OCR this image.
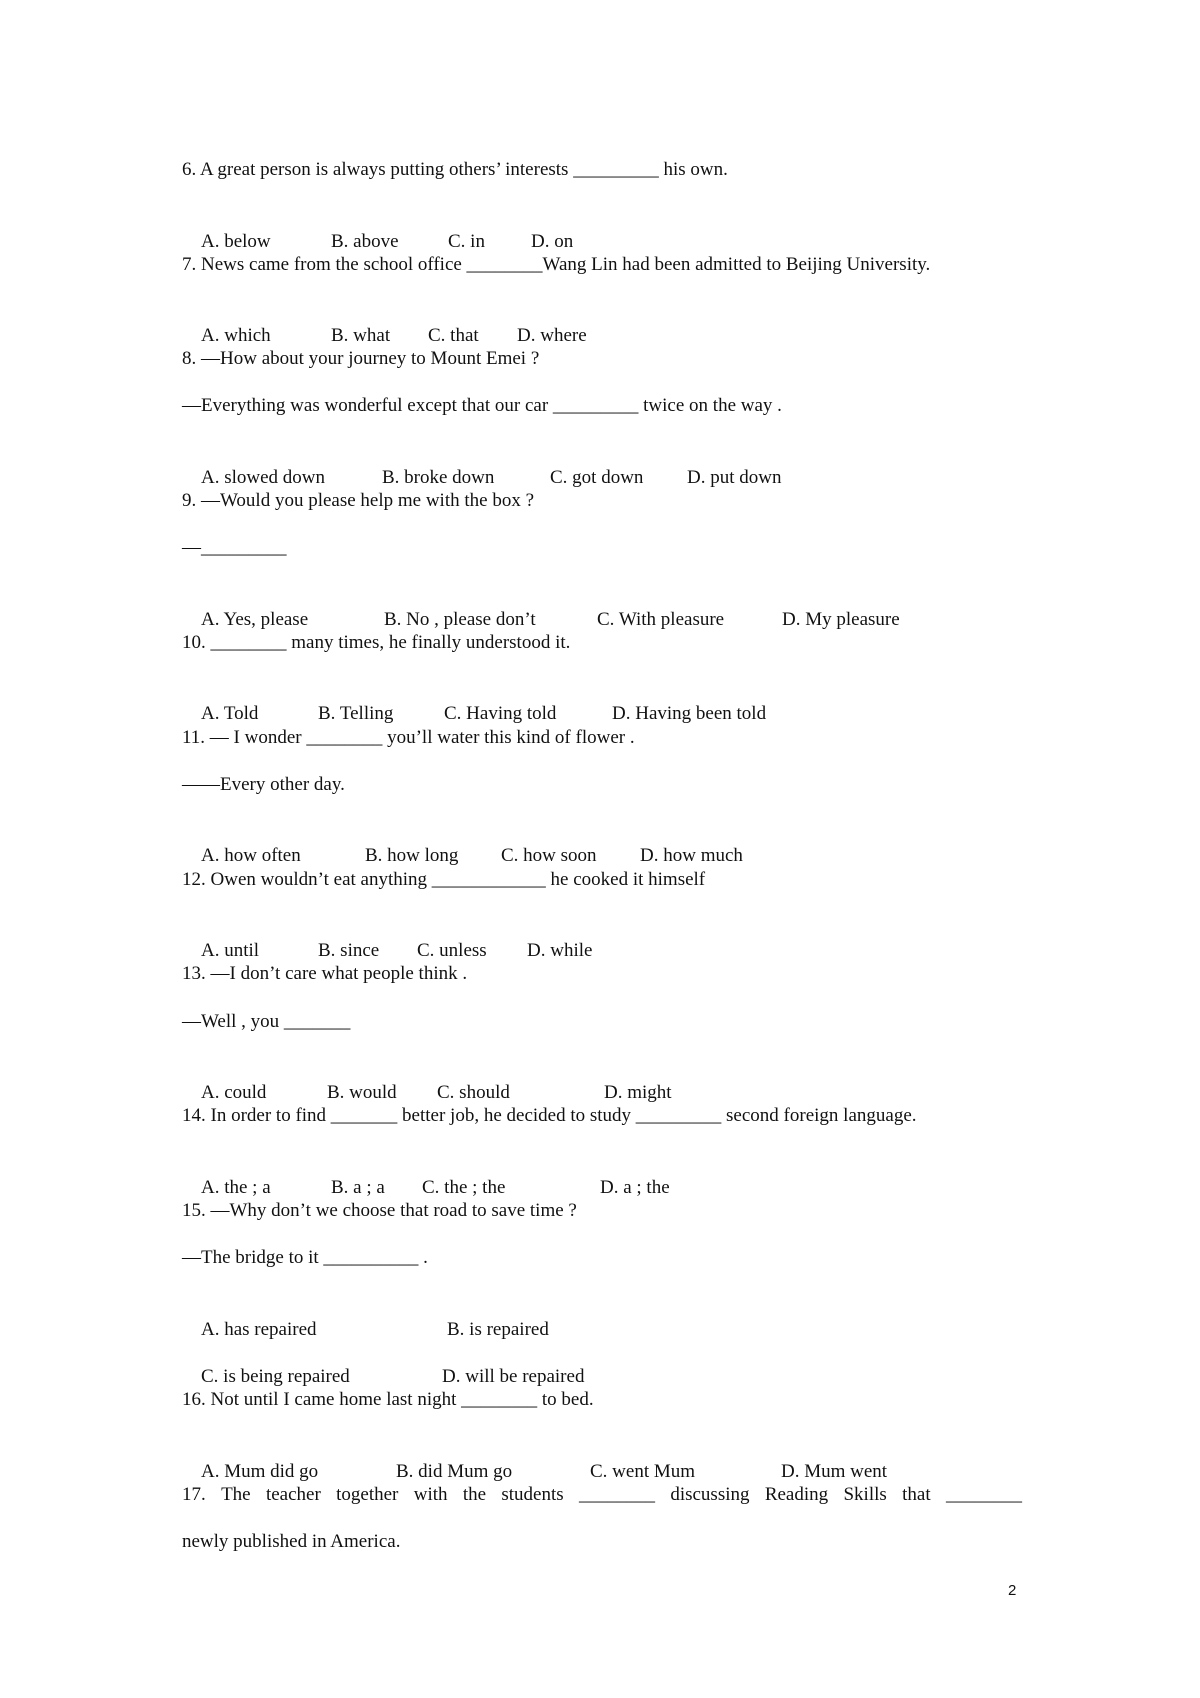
6. A great person is always putting others’ interests _________ his own.

A. below	B. above	C. in D. on

7. News came from the school office ________Wang Lin had been admitted to Beijing University.

A. which	B. what C. that D. where

8. —How about your journey to Mount Emei ?
—Everything was wonderful except that our car _________ twice on the way .

A. slowed down	B. broke down	C. got down D. put down

9. —Would you please help me with the box ?
—_________

A. Yes, please	B. No , please don’t	C. With pleasure	D. My pleasure

10. ________ many times, he finally understood it.

A. Told	B. Telling	C. Having told	D. Having been told

11. — I wonder ________ you’ll water this kind of flower .
——Every other day.

A. how often	B. how long C. how soon D. how much

12. Owen wouldn’t eat anything ____________ he cooked it himself

A. until	B. since C. unless D. while

13. —I don’t care what people think .
—Well , you _______

A. could	B. would C. should	D. might

14. In order to find _______ better job, he decided to study _________ second foreign language.

A. the ; a	B. a ; a C. the ; the	D. a ; the

15. —Why don’t we choose that road to save time ?
—The bridge to it __________ .

A. has repaired	B. is repaired

C. is being repaired	D. will be repaired

16. Not until I came home last night ________ to bed.

A. Mum did go	B. did Mum go	C. went Mum	D. Mum went

17. The teacher together with the students ________ discussing Reading Skills that ________
newly published in America.
2
